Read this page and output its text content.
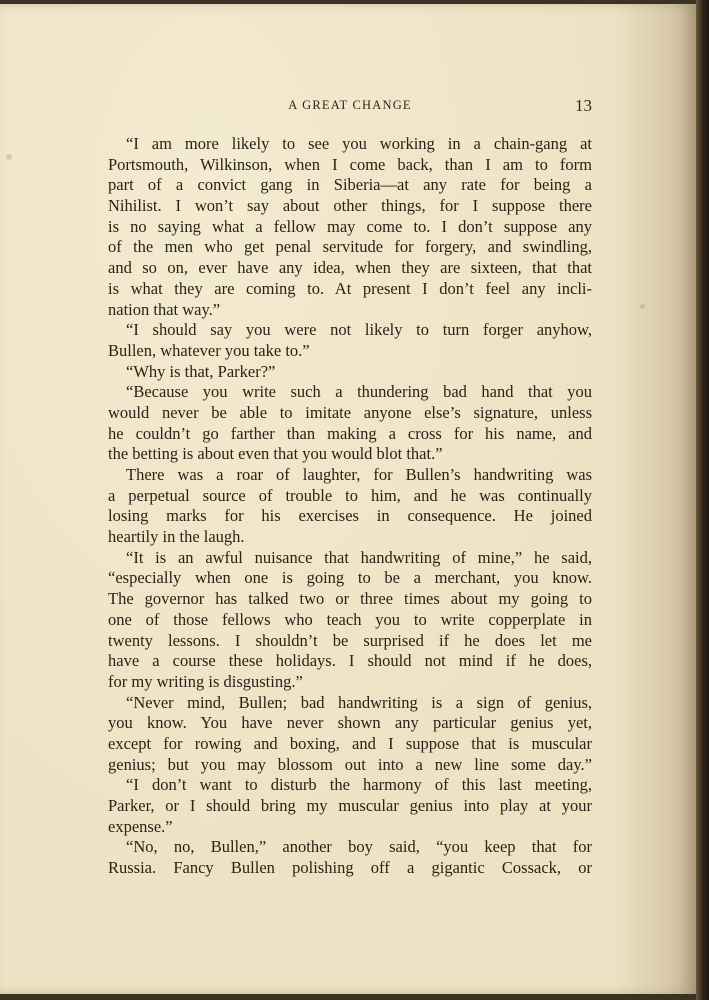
A GREAT CHANGE	13
“I am more likely to see you working in a chain-gang at
Portsmouth, Wilkinson, when I come back, than I am to form
part of a convict gang in Siberia—at any rate for being a
Nihilist. I won’t say about other things, for I suppose there
is no saying what a fellow may come to. I don’t suppose any
of the men who get penal servitude for forgery, and swindling,
and so on, ever have any idea, when they are sixteen, that that
is what they are coming to. At present I don’t feel any incli-
nation that way.”
“I should say you were not likely to turn forger anyhow,
Bullen, whatever you take to.”
“Why is that, Parker?”
“Because you write such a thundering bad hand that you
would never be able to imitate anyone else’s signature, unless
he couldn’t go farther than making a cross for his name, and
the betting is about even that you would blot that.”
There was a roar of laughter, for Bullen’s handwriting was
a perpetual source of trouble to him, and he was continually
losing marks for his exercises in consequence. He joined
heartily in the laugh.
“It is an awful nuisance that handwriting of mine,” he said,
“especially when one is going to be a merchant, you know.
The governor has talked two or three times about my going to
one of those fellows who teach you to write copperplate in
twenty lessons. I shouldn’t be surprised if he does let me
have a course these holidays. I should not mind if he does,
for my writing is disgusting.”
“Never mind, Bullen; bad handwriting is a sign of genius,
you know. You have never shown any particular genius yet,
except for rowing and boxing, and I suppose that is muscular
genius; but you may blossom out into a new line some day.”
“I don’t want to disturb the harmony of this last meeting,
Parker, or I should bring my muscular genius into play at your
expense.”
“No, no, Bullen,” another boy said, “you keep that for
Russia. Fancy Bullen polishing off a gigantic Cossack, or
